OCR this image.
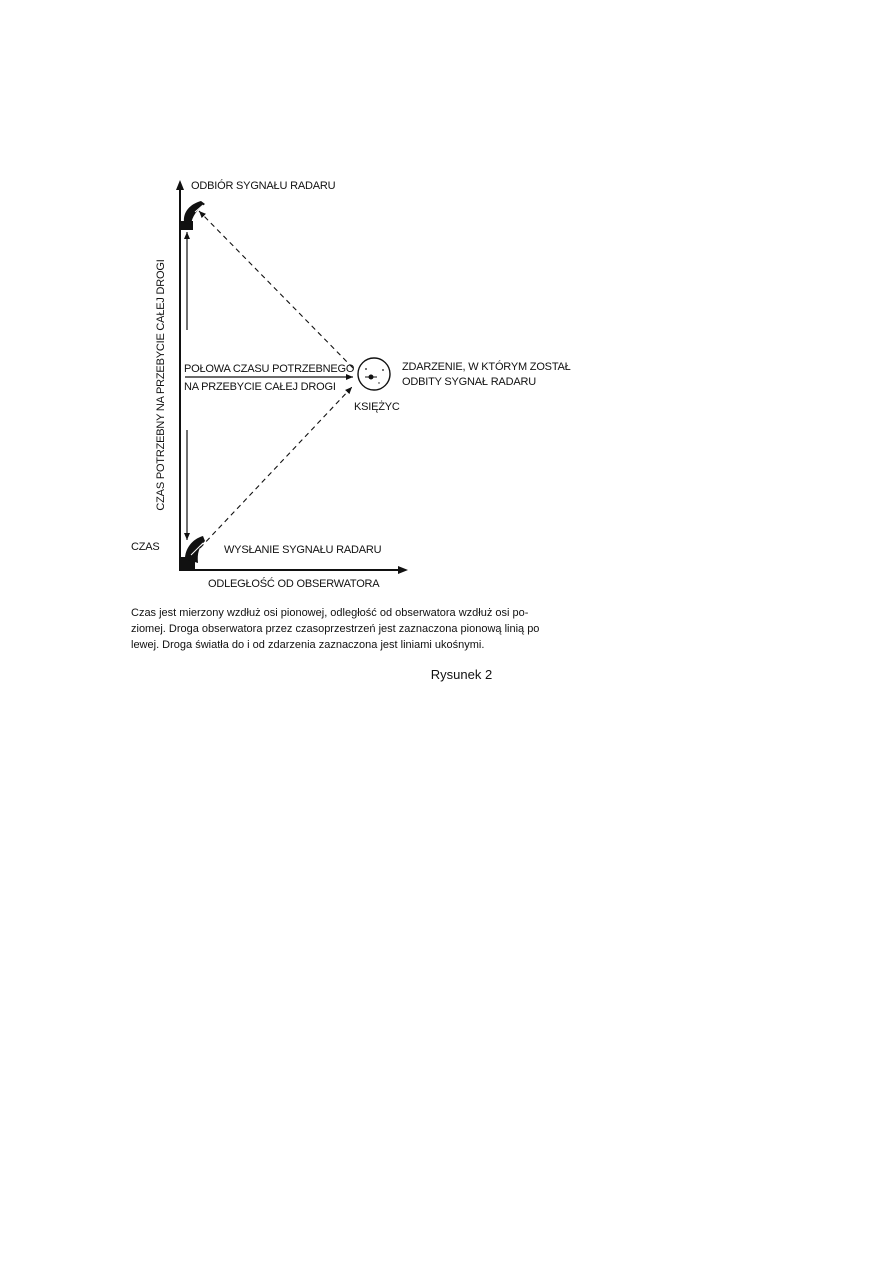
ODBIÓR SYGNAŁU RADARU
CZAS POTRZEBNY NA PRZEBYCIE CAŁEJ DROGI POŁOWA CZASU POTRZEBNEGO
NA PRZEBYCIE CAŁEJ DROGI
ZDARZENIE, W KTÓRYM ZOSTAŁ
ODBITY SYGNAŁ RADARU
KSIĘŻYC
CZAS	WYSŁANIE SYGNAŁU RADARU
ODLEGŁOŚĆ OD OBSERWATORA
Czas jest mierzony wzdłuż osi pionowej, odległość od obserwatora wzdłuż osi po-
ziomej. Droga obserwatora przez czasoprzestrzeń jest zaznaczona pionową linią po
lewej. Droga światła do i od zdarzenia zaznaczona jest liniami ukośnymi.
Rysunek 2
